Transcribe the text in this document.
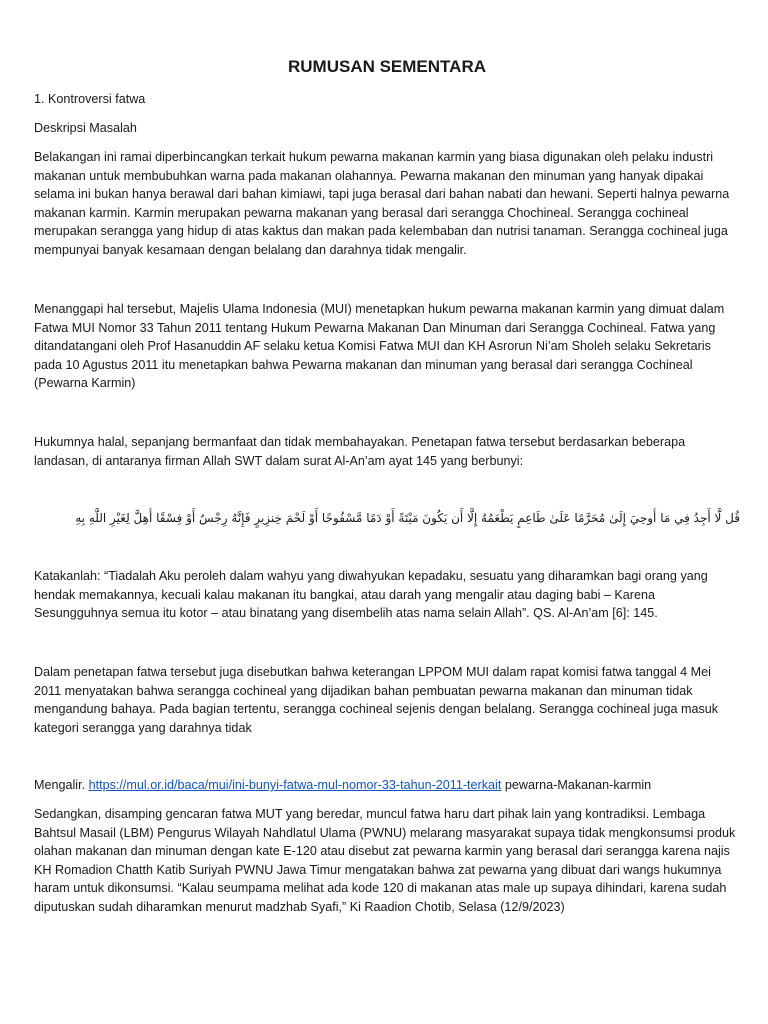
RUMUSAN SEMENTARA

1. Kontroversi fatwa

Deskripsi Masalah

Belakangan ini ramai diperbincangkan terkait hukum pewarna makanan karmin yang biasa digunakan oleh pelaku industri makanan untuk membubuhkan warna pada makanan olahannya. Pewarna makanan den minuman yang hanyak dipakai selama ini bukan hanya berawal dari bahan kimiawi, tapi juga berasal dari bahan nabati dan hewani. Seperti halnya pewarna makanan karmin. Karmin merupakan pewarna makanan yang berasal dari serangga Chochineal. Serangga cochineal merupakan serangga yang hidup di atas kaktus dan makan pada kelembaban dan nutrisi tanaman. Serangga cochineal juga mempunyai banyak kesamaan dengan belalang dan darahnya tidak mengalir.

Menanggapi hal tersebut, Majelis Ulama Indonesia (MUI) menetapkan hukum pewarna makanan karmin yang dimuat dalam Fatwa MUI Nomor 33 Tahun 2011 tentang Hukum Pewarna Makanan Dan Minuman dari Serangga Cochineal. Fatwa yang ditandatangani oleh Prof Hasanuddin AF selaku ketua Komisi Fatwa MUI dan KH Asrorun Ni’am Sholeh selaku Sekretaris pada 10 Agustus 2011 itu menetapkan bahwa Pewarna makanan dan minuman yang berasal dari serangga Cochineal (Pewarna Karmin)

Hukumnya halal, sepanjang bermanfaat dan tidak membahayakan. Penetapan fatwa tersebut berdasarkan beberapa landasan, di antaranya firman Allah SWT dalam surat Al-An’am ayat 145 yang berbunyi:

قُل لَّا أَجِدُ فِي مَا أُوحِيَ إِلَىٰ مُحَرَّمًا عَلَىٰ طَاعِمٍ يَطْعَمُهُ إِلَّا أَن يَكُونَ مَيْتَةً أَوْ دَمًا مَّسْفُوحًا أَوْ لَحْمَ خِنزِيرٍ فَإِنَّهُ رِجْسٌ أَوْ فِسْقًا أُهِلَّ لِغَيْرِ اللَّهِ بِهِ

Katakanlah: “Tiadalah Aku peroleh dalam wahyu yang diwahyukan kepadaku, sesuatu yang diharamkan bagi orang yang hendak memakannya, kecuali kalau makanan itu bangkai, atau darah yang mengalir atau daging babi – Karena Sesungguhnya semua itu kotor – atau binatang yang disembelih atas nama selain Allah”. QS. Al-An’am [6]: 145.

Dalam penetapan fatwa tersebut juga disebutkan bahwa keterangan LPPOM MUI dalam rapat komisi fatwa tanggal 4 Mei 2011 menyatakan bahwa serangga cochineal yang dijadikan bahan pembuatan pewarna makanan dan minuman tidak mengandung bahaya. Pada bagian tertentu, serangga cochineal sejenis dengan belalang. Serangga cochineal juga masuk kategori serangga yang darahnya tidak

Mengalir. https://mul.or.id/baca/mui/ini-bunyi-fatwa-mul-nomor-33-tahun-2011-terkait pewarna-Makanan-karmin

Sedangkan, disamping gencaran fatwa MUT yang beredar, muncul fatwa haru dart pihak lain yang kontradiksi. Lembaga Bahtsul Masail (LBM) Pengurus Wilayah Nahdlatul Ulama (PWNU) melarang masyarakat supaya tidak mengkonsumsi produk olahan makanan dan minuman dengan kate E-120 atau disebut zat pewarna karmin yang berasal dari serangga karena najis KH Romadion Chatth Katib Suriyah PWNU Jawa Timur mengatakan bahwa zat pewarna yang dibuat dari wangs hukumnya haram untuk dikonsumsi. “Kalau seumpama melihat ada kode 120 di makanan atas male up supaya dihindari, karena sudah diputuskan sudah diharamkan menurut madzhab Syafi,” Ki Raadion Chotib, Selasa (12/9/2023)
